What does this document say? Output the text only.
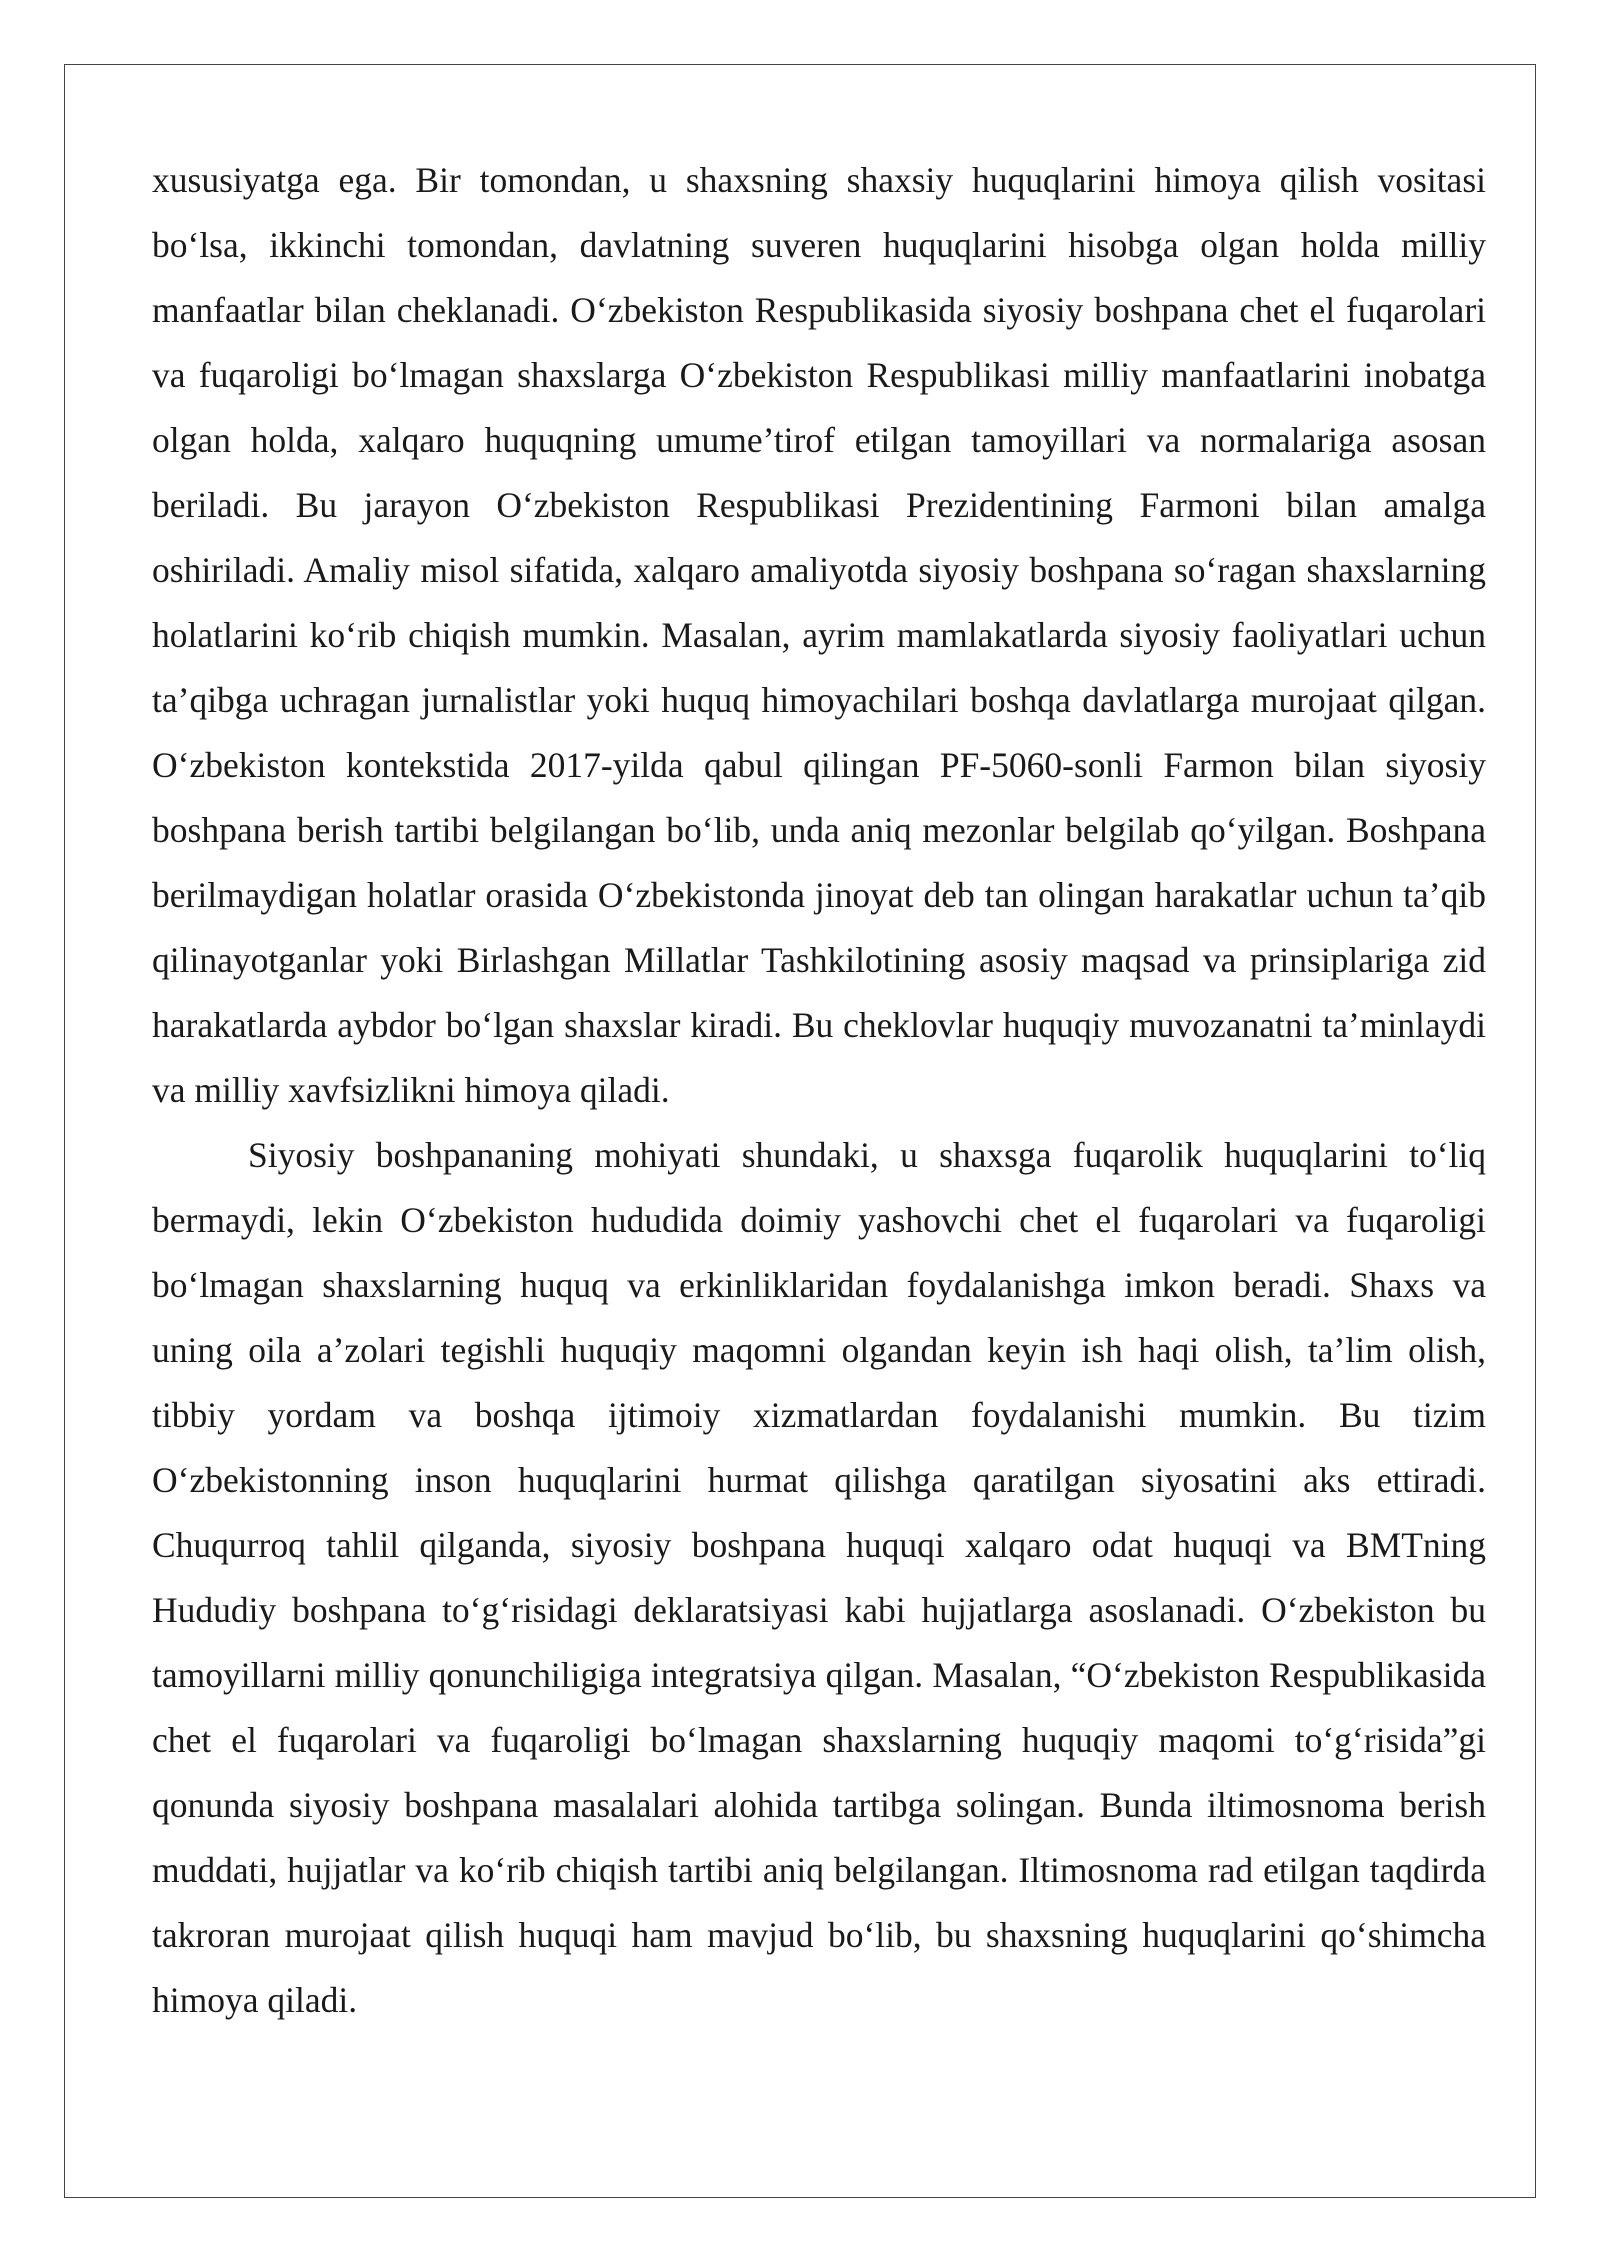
xususiyatga ega. Bir tomondan, u shaxsning shaxsiy huquqlarini himoya qilish vositasi bo‘lsa, ikkinchi tomondan, davlatning suveren huquqlarini hisobga olgan holda milliy manfaatlar bilan cheklanadi. O‘zbekiston Respublikasida siyosiy boshpana chet el fuqarolari va fuqaroligi bo‘lmagan shaxslarga O‘zbekiston Respublikasi milliy manfaatlarini inobatga olgan holda, xalqaro huquqning umume’tirof etilgan tamoyillari va normalariga asosan beriladi. Bu jarayon O‘zbekiston Respublikasi Prezidentining Farmoni bilan amalga oshiriladi. Amaliy misol sifatida, xalqaro amaliyotda siyosiy boshpana so‘ragan shaxslarning holatlarini ko‘rib chiqish mumkin. Masalan, ayrim mamlakatlarda siyosiy faoliyatlari uchun ta’qibga uchragan jurnalistlar yoki huquq himoyachilari boshqa davlatlarga murojaat qilgan. O‘zbekiston kontekstida 2017-yilda qabul qilingan PF-5060-sonli Farmon bilan siyosiy boshpana berish tartibi belgilangan bo‘lib, unda aniq mezonlar belgilab qo‘yilgan. Boshpana berilmaydigan holatlar orasida O‘zbekistonda jinoyat deb tan olingan harakatlar uchun ta’qib qilinayotganlar yoki Birlashgan Millatlar Tashkilotining asosiy maqsad va prinsiplariga zid harakatlarda aybdor bo‘lgan shaxslar kiradi. Bu cheklovlar huquqiy muvozanatni ta’minlaydi va milliy xavfsizlikni himoya qiladi.

Siyosiy boshpananing mohiyati shundaki, u shaxsga fuqarolik huquqlarini to‘liq bermaydi, lekin O‘zbekiston hududida doimiy yashovchi chet el fuqarolari va fuqaroligi bo‘lmagan shaxslarning huquq va erkinliklaridan foydalanishga imkon beradi. Shaxs va uning oila a’zolari tegishli huquqiy maqomni olgandan keyin ish haqi olish, ta’lim olish, tibbiy yordam va boshqa ijtimoiy xizmatlardan foydalanishi mumkin. Bu tizim O‘zbekistonning inson huquqlarini hurmat qilishga qaratilgan siyosatini aks ettiradi. Chuqurroq tahlil qilganda, siyosiy boshpana huquqi xalqaro odat huquqi va BMTning Hududiy boshpana to‘g‘risidagi deklaratsiyasi kabi hujjatlarga asoslanadi. O‘zbekiston bu tamoyillarni milliy qonunchiligiga integratsiya qilgan. Masalan, “O‘zbekiston Respublikasida chet el fuqarolari va fuqaroligi bo‘lmagan shaxslarning huquqiy maqomi to‘g‘risida”gi qonunda siyosiy boshpana masalalari alohida tartibga solingan. Bunda iltimosnoma berish muddati, hujjatlar va ko‘rib chiqish tartibi aniq belgilangan. Iltimosnoma rad etilgan taqdirda takroran murojaat qilish huquqi ham mavjud bo‘lib, bu shaxsning huquqlarini qo‘shimcha himoya qiladi.
